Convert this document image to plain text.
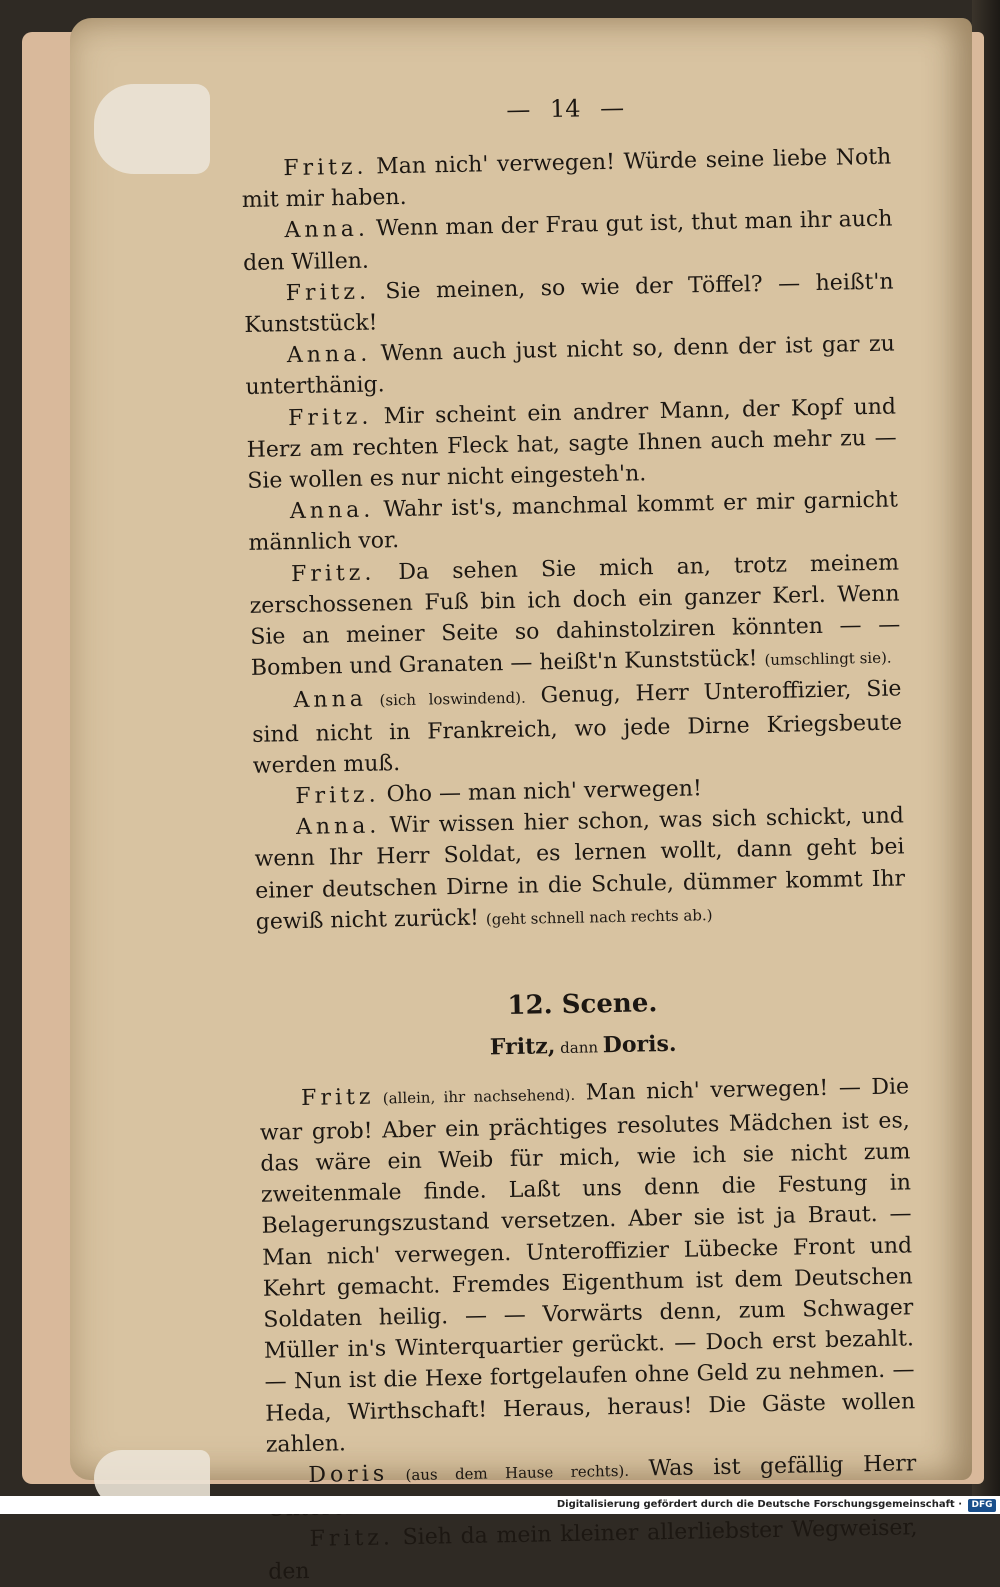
— 14 —

Fritz. Man nich' verwegen! Würde seine liebe Noth mit mir haben.

Anna. Wenn man der Frau gut ist, thut man ihr auch den Willen.

Fritz. Sie meinen, so wie der Töffel? — heißt'n Kunststück!

Anna. Wenn auch just nicht so, denn der ist gar zu unterthänig.

Fritz. Mir scheint ein andrer Mann, der Kopf und Herz am rechten Fleck hat, sagte Ihnen auch mehr zu — Sie wollen es nur nicht eingesteh'n.

Anna. Wahr ist's, manchmal kommt er mir garnicht männlich vor.

Fritz. Da sehen Sie mich an, trotz meinem zerschossenen Fuß bin ich doch ein ganzer Kerl. Wenn Sie an meiner Seite so dahinstolziren könnten — — Bomben und Granaten — heißt'n Kunststück! (umschlingt sie).

Anna (sich loswindend). Genug, Herr Unteroffizier, Sie sind nicht in Frankreich, wo jede Dirne Kriegsbeute werden muß.

Fritz. Oho — man nich' verwegen!

Anna. Wir wissen hier schon, was sich schickt, und wenn Ihr Herr Soldat, es lernen wollt, dann geht bei einer deutschen Dirne in die Schule, dümmer kommt Ihr gewiß nicht zurück! (geht schnell nach rechts ab.)

12. Scene.
Fritz, dann Doris.

Fritz (allein, ihr nachsehend). Man nich' verwegen! — Die war grob! Aber ein prächtiges resolutes Mädchen ist es, das wäre ein Weib für mich, wie ich sie nicht zum zweitenmale finde. Laßt uns denn die Festung in Belagerungszustand versetzen. Aber sie ist ja Braut. — Man nich' verwegen. Unteroffizier Lübecke Front und Kehrt gemacht. Fremdes Eigenthum ist dem Deutschen Soldaten heilig. — — Vorwärts denn, zum Schwager Müller in's Winterquartier gerückt. — Doch erst bezahlt. — Nun ist die Hexe fortgelaufen ohne Geld zu nehmen. — Heda, Wirthschaft! Heraus, heraus! Die Gäste wollen zahlen.

Doris (aus dem Hause rechts). Was ist gefällig Herr

Fritz. Sieh da mein kleiner allerliebster Wegweiser, den

Digitalisierung gefördert durch die Deutsche Forschungsgemeinschaft ·	DFG
